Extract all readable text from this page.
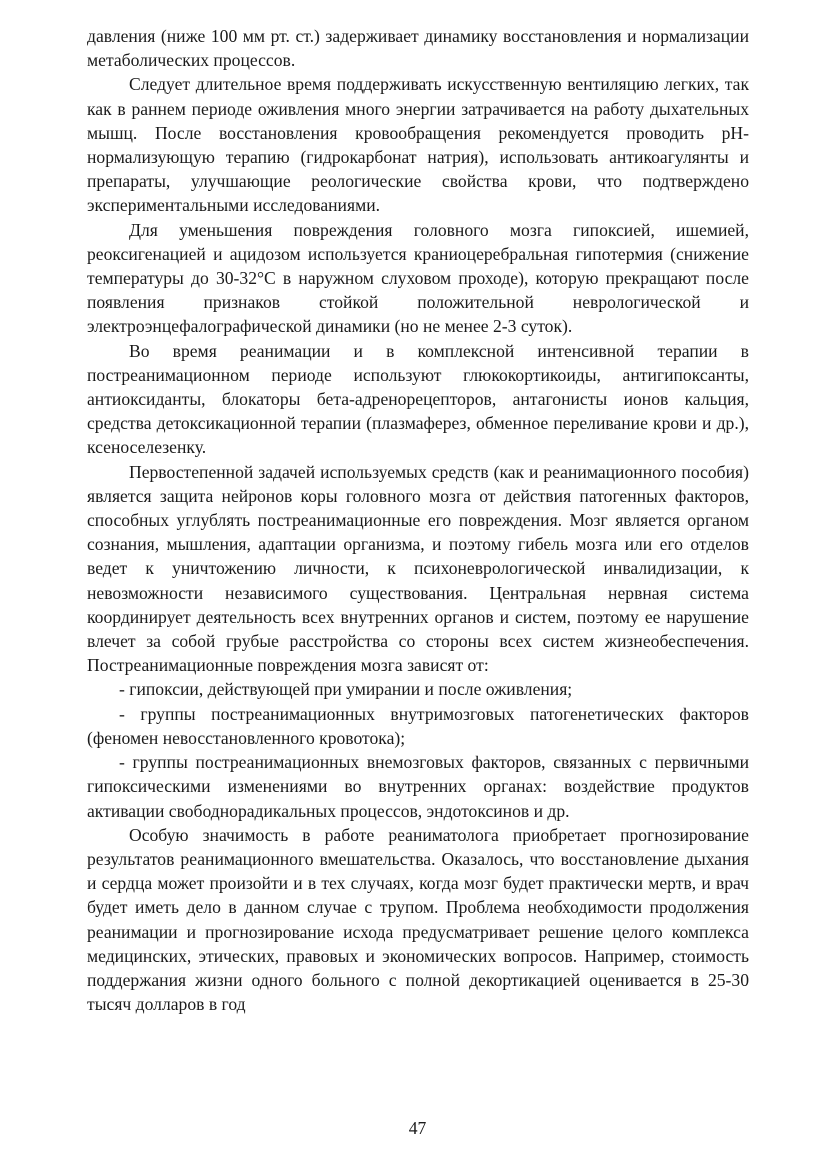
давления (ниже 100 мм рт. ст.) задерживает динамику восстановления и нормализации метаболических процессов.

Следует длительное время поддерживать искусственную вентиляцию легких, так как в раннем периоде оживления много энергии затрачивается на работу дыхательных мышц. После восстановления кровообращения рекомендуется проводить pH-нормализующую терапию (гидрокарбонат натрия), использовать антикоагулянты и препараты, улучшающие реологические свойства крови, что подтверждено экспериментальными исследованиями.

Для уменьшения повреждения головного мозга гипоксией, ишемией, реоксигенацией и ацидозом используется краниоцеребральная гипотермия (снижение температуры до 30-32°С в наружном слуховом проходе), которую прекращают после появления признаков стойкой положительной неврологической и электроэнцефалографической динамики (но не менее 2-3 суток).

Во время реанимации и в комплексной интенсивной терапии в постреанимационном периоде используют глюкокортикоиды, антигипоксанты, антиоксиданты, блокаторы бета-адренорецепторов, антагонисты ионов кальция, средства детоксикационной терапии (плазмаферез, обменное переливание крови и др.), ксеноселезенку.

Первостепенной задачей используемых средств (как и реанимационного пособия) является защита нейронов коры головного мозга от действия патогенных факторов, способных углублять постреанимационные его повреждения. Мозг является органом сознания, мышления, адаптации организма, и поэтому гибель мозга или его отделов ведет к уничтожению личности, к психоневрологической инвалидизации, к невозможности независимого существования. Центральная нервная система координирует деятельность всех внутренних органов и систем, поэтому ее нарушение влечет за собой грубые расстройства со стороны всех систем жизнеобеспечения. Постреанимационные повреждения мозга зависят от:

- гипоксии, действующей при умирании и после оживления;

- группы постреанимационных внутримозговых патогенетических факторов (феномен невосстановленного кровотока);

- группы постреанимационных внемозговых факторов, связанных с первичными гипоксическими изменениями во внутренних органах: воздействие продуктов активации свободнорадикальных процессов, эндотоксинов и др.

Особую значимость в работе реаниматолога приобретает прогнозирование результатов реанимационного вмешательства. Оказалось, что восстановление дыхания и сердца может произойти и в тех случаях, когда мозг будет практически мертв, и врач будет иметь дело в данном случае с трупом. Проблема необходимости продолжения реанимации и прогнозирование исхода предусматривает решение целого комплекса медицинских, этических, правовых и экономических вопросов. Например, стоимость поддержания жизни одного больного с полной декортикацией оценивается в 25-30 тысяч долларов в год

47
